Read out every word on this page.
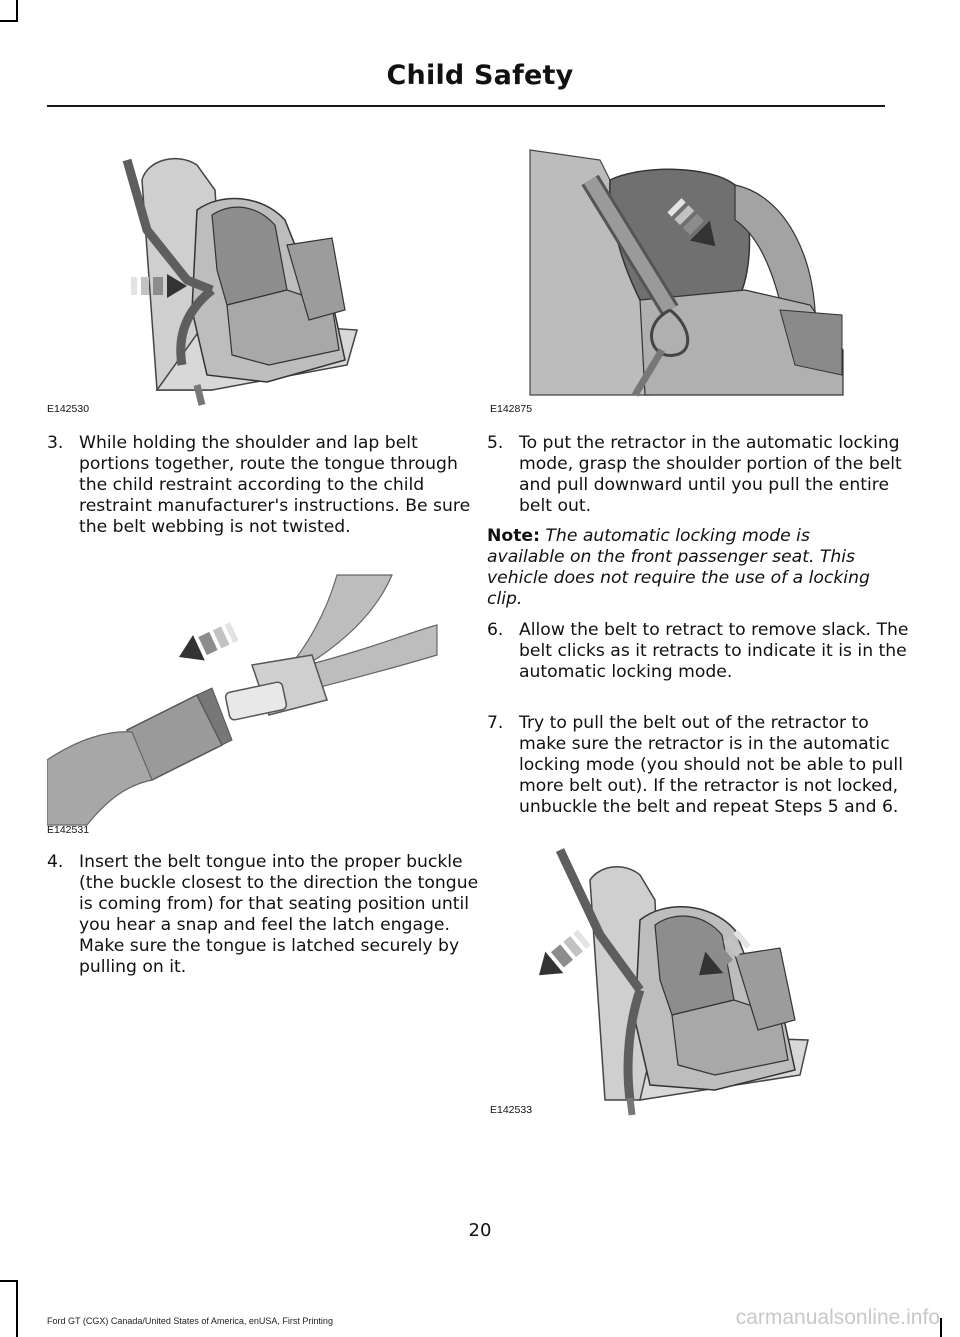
Child Safety
E142530	E142875
3. While holding the shoulder and lap belt portions together, route the tongue through the child restraint according to the child restraint manufacturer's instructions. Be sure the belt webbing is not twisted.
E142531
4. Insert the belt tongue into the proper buckle (the buckle closest to the direction the tongue is coming from) for that seating position until you hear a snap and feel the latch engage. Make sure the tongue is latched securely by pulling on it.
5. To put the retractor in the automatic locking mode, grasp the shoulder portion of the belt and pull downward until you pull the entire belt out.
Note: The automatic locking mode is available on the front passenger seat. This vehicle does not require the use of a locking clip.
6. Allow the belt to retract to remove slack. The belt clicks as it retracts to indicate it is in the automatic locking mode.
7. Try to pull the belt out of the retractor to make sure the retractor is in the automatic locking mode (you should not be able to pull more belt out). If the retractor is not locked, unbuckle the belt and repeat Steps 5 and 6.
E142533
20
Ford GT (CGX) Canada/United States of America, enUSA, First Printing	carmanualsonline.info
